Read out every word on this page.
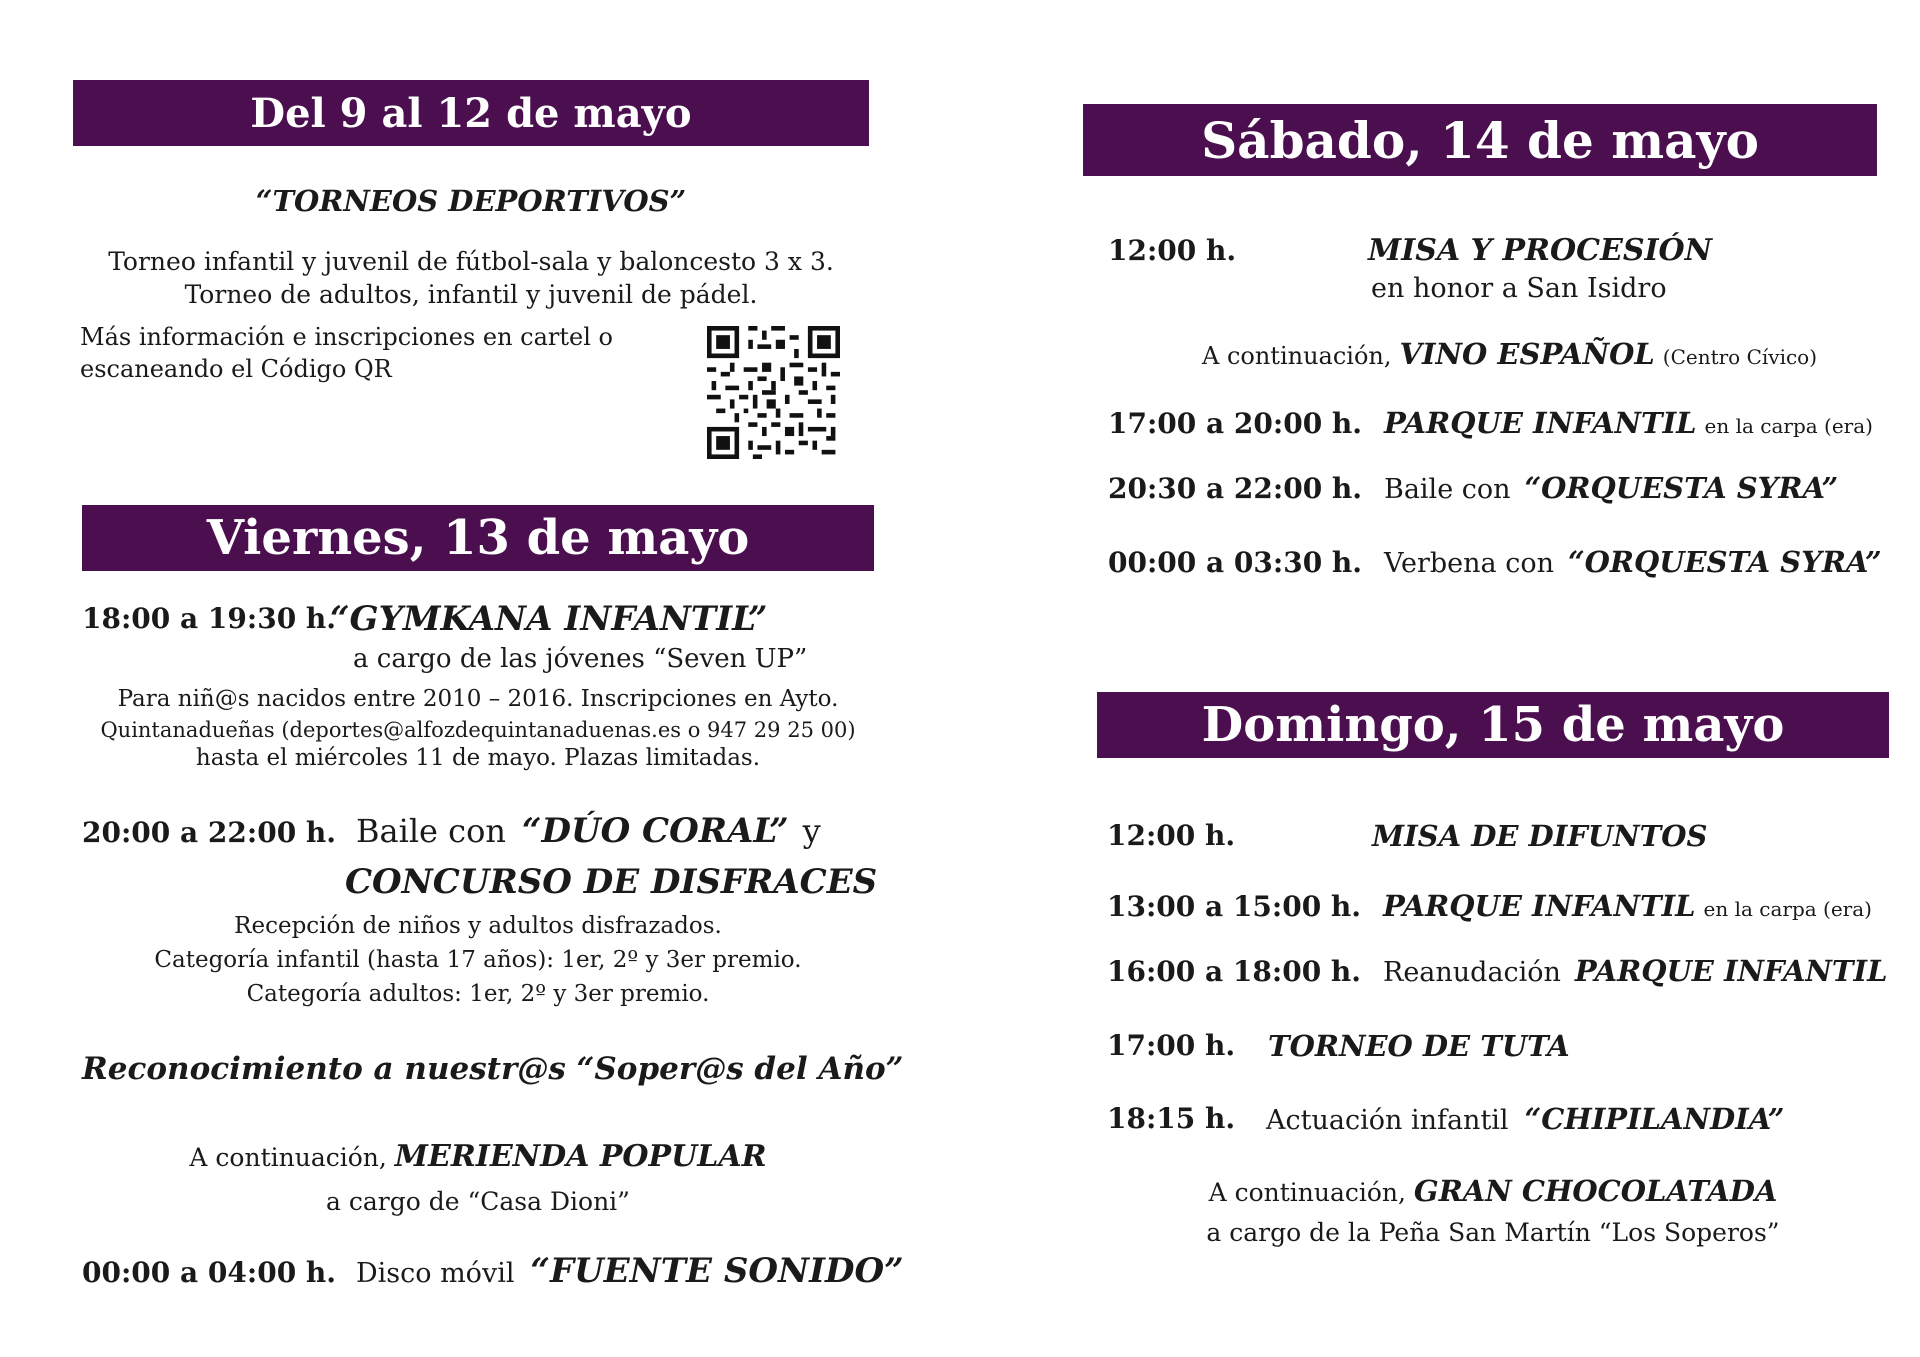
Del 9 al 12 de mayo
“TORNEOS DEPORTIVOS”
Torneo infantil y juvenil de fútbol-sala y baloncesto 3 x 3.
Torneo de adultos, infantil y juvenil de pádel.
Más información e inscripciones en cartel o
escaneando el Código QR
Viernes, 13 de mayo
18:00 a 19:30 h.
“GYMKANA INFANTIL”
a cargo de las jóvenes “Seven UP”
Para niñ@s nacidos entre 2010 – 2016. Inscripciones en Ayto.
Quintanadueñas (deportes@alfozdequintanaduenas.es o 947 29 25 00)
hasta el miércoles 11 de mayo. Plazas limitadas.
20:00 a 22:00 h. Baile con “DÚO CORAL” y
CONCURSO DE DISFRACES
Recepción de niños y adultos disfrazados.
Categoría infantil (hasta 17 años): 1er, 2º y 3er premio.
Categoría adultos: 1er, 2º y 3er premio.
Reconocimiento a nuestr@s “Soper@s del Año”
A continuación, MERIENDA POPULAR
a cargo de “Casa Dioni”
00:00 a 04:00 h. Disco móvil “FUENTE SONIDO”
Sábado, 14 de mayo
12:00 h.	MISA Y PROCESIÓN
en honor a San Isidro
A continuación, VINO ESPAÑOL (Centro Cívico)
17:00 a 20:00 h. PARQUE INFANTIL en la carpa (era)
20:30 a 22:00 h. Baile con “ORQUESTA SYRA”
00:00 a 03:30 h. Verbena con “ORQUESTA SYRA”
Domingo, 15 de mayo
12:00 h.	MISA DE DIFUNTOS
13:00 a 15:00 h. PARQUE INFANTIL en la carpa (era)
16:00 a 18:00 h. Reanudación PARQUE INFANTIL
17:00 h. TORNEO DE TUTA
18:15 h. Actuación infantil “CHIPILANDIA”
A continuación, GRAN CHOCOLATADA
a cargo de la Peña San Martín “Los Soperos”
